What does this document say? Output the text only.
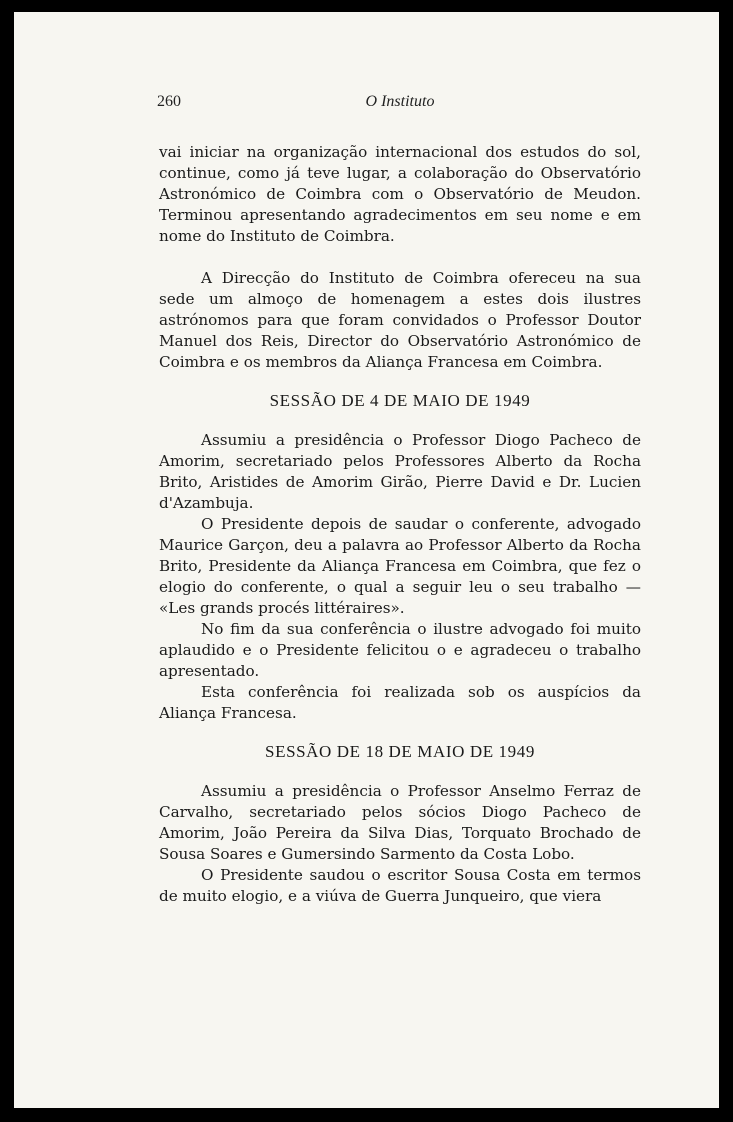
260	O Instituto

vai iniciar na organização internacional dos estudos do sol, continue, como já teve lugar, a colaboração do Observatório Astronómico de Coimbra com o Observatório de Meudon. Terminou apresentando agradecimentos em seu nome e em nome do Instituto de Coimbra.

A Direcção do Instituto de Coimbra ofereceu na sua sede um almoço de homenagem a estes dois ilustres astrónomos para que foram convidados o Professor Doutor Manuel dos Reis, Director do Observatório Astronómico de Coimbra e os membros da Aliança Francesa em Coimbra.

SESSÃO DE 4 DE MAIO DE 1949

Assumiu a presidência o Professor Diogo Pacheco de Amorim, secretariado pelos Professores Alberto da Rocha Brito, Aristides de Amorim Girão, Pierre David e Dr. Lucien d'Azambuja.

O Presidente depois de saudar o conferente, advogado Maurice Garçon, deu a palavra ao Professor Alberto da Rocha Brito, Presidente da Aliança Francesa em Coimbra, que fez o elogio do conferente, o qual a seguir leu o seu trabalho — «Les grands procés littéraires».

No fim da sua conferência o ilustre advogado foi muito aplaudido e o Presidente felicitou o e agradeceu o trabalho apresentado.

Esta conferência foi realizada sob os auspícios da Aliança Francesa.

SESSÃO DE 18 DE MAIO DE 1949

Assumiu a presidência o Professor Anselmo Ferraz de Carvalho, secretariado pelos sócios Diogo Pacheco de Amorim, João Pereira da Silva Dias, Torquato Brochado de Sousa Soares e Gumersindo Sarmento da Costa Lobo.

O Presidente saudou o escritor Sousa Costa em termos de muito elogio, e a viúva de Guerra Junqueiro, que viera
